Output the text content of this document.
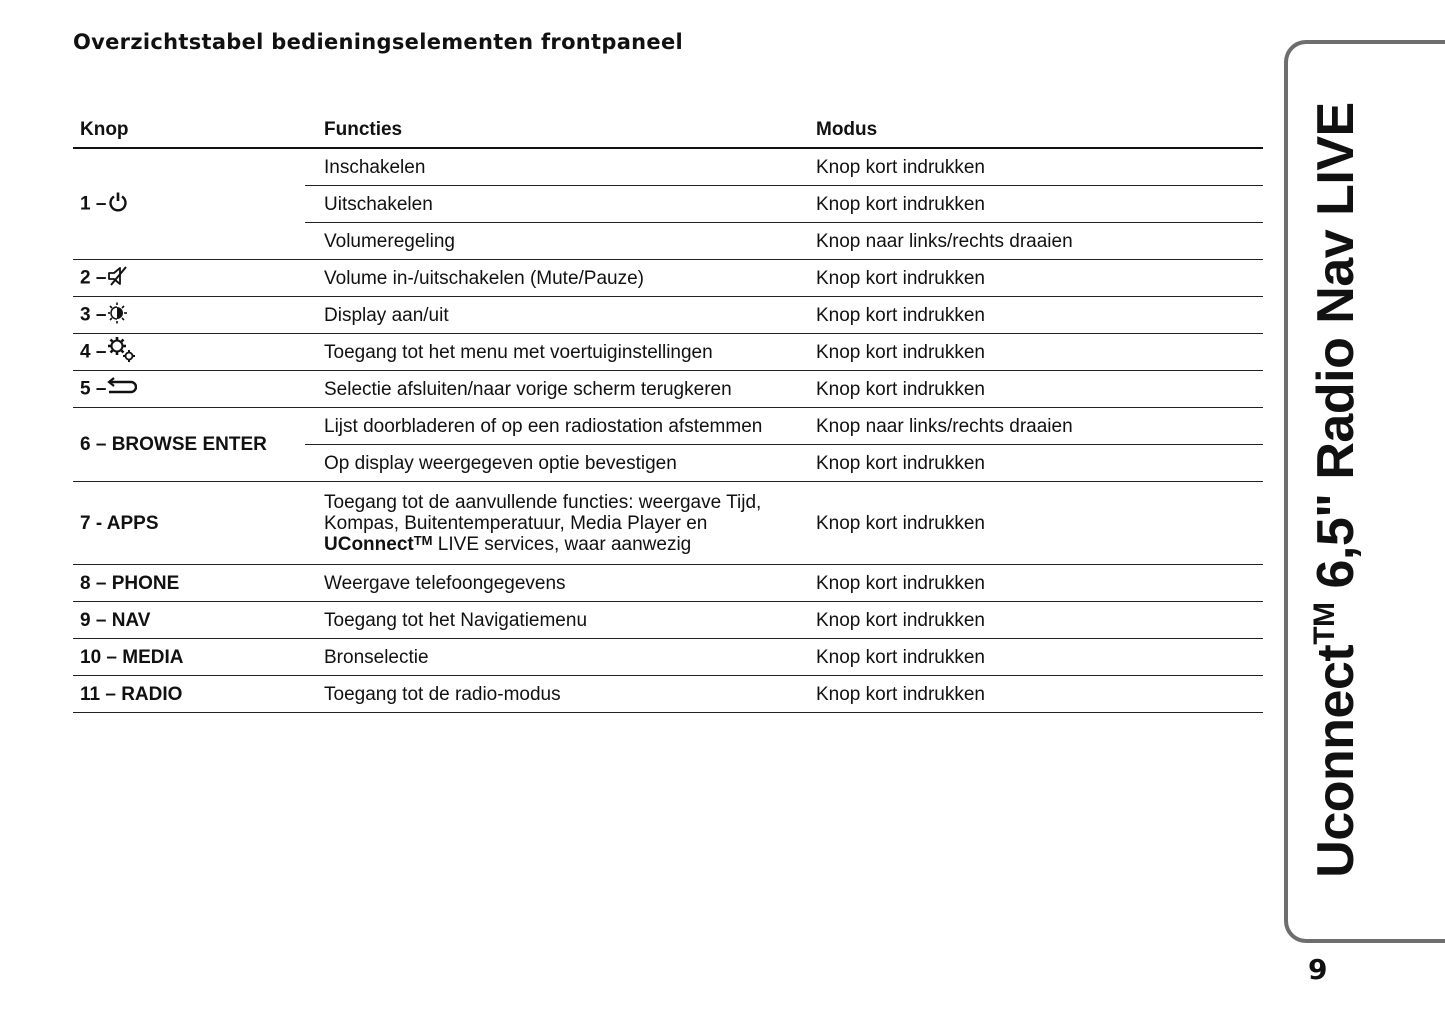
Overzichtstabel bedieningselementen frontpaneel
Knop	Functies	Modus
1 –	Inschakelen	Knop kort indrukken
	Uitschakelen	Knop kort indrukken
	Volumeregeling	Knop naar links/rechts draaien
2 –	Volume in-/uitschakelen (Mute/Pauze)	Knop kort indrukken
3 –	Display aan/uit	Knop kort indrukken
4 –	Toegang tot het menu met voertuiginstellingen	Knop kort indrukken
5 –	Selectie afsluiten/naar vorige scherm terugkeren	Knop kort indrukken
6 – BROWSE ENTER	Lijst doorbladeren of op een radiostation afstemmen	Knop naar links/rechts draaien
	Op display weergegeven optie bevestigen	Knop kort indrukken
7 - APPS	Toegang tot de aanvullende functies: weergave Tijd,
Kompas, Buitentemperatuur, Media Player en
UConnect™ LIVE services, waar aanwezig	Knop kort indrukken
8 – PHONE	Weergave telefoongegevens	Knop kort indrukken
9 – NAV	Toegang tot het Navigatiemenu	Knop kort indrukken
10 – MEDIA	Bronselectie	Knop kort indrukken
11 – RADIO	Toegang tot de radio-modus	Knop kort indrukken	Uconnect™ 6,5" Radio Nav LIVE
9
